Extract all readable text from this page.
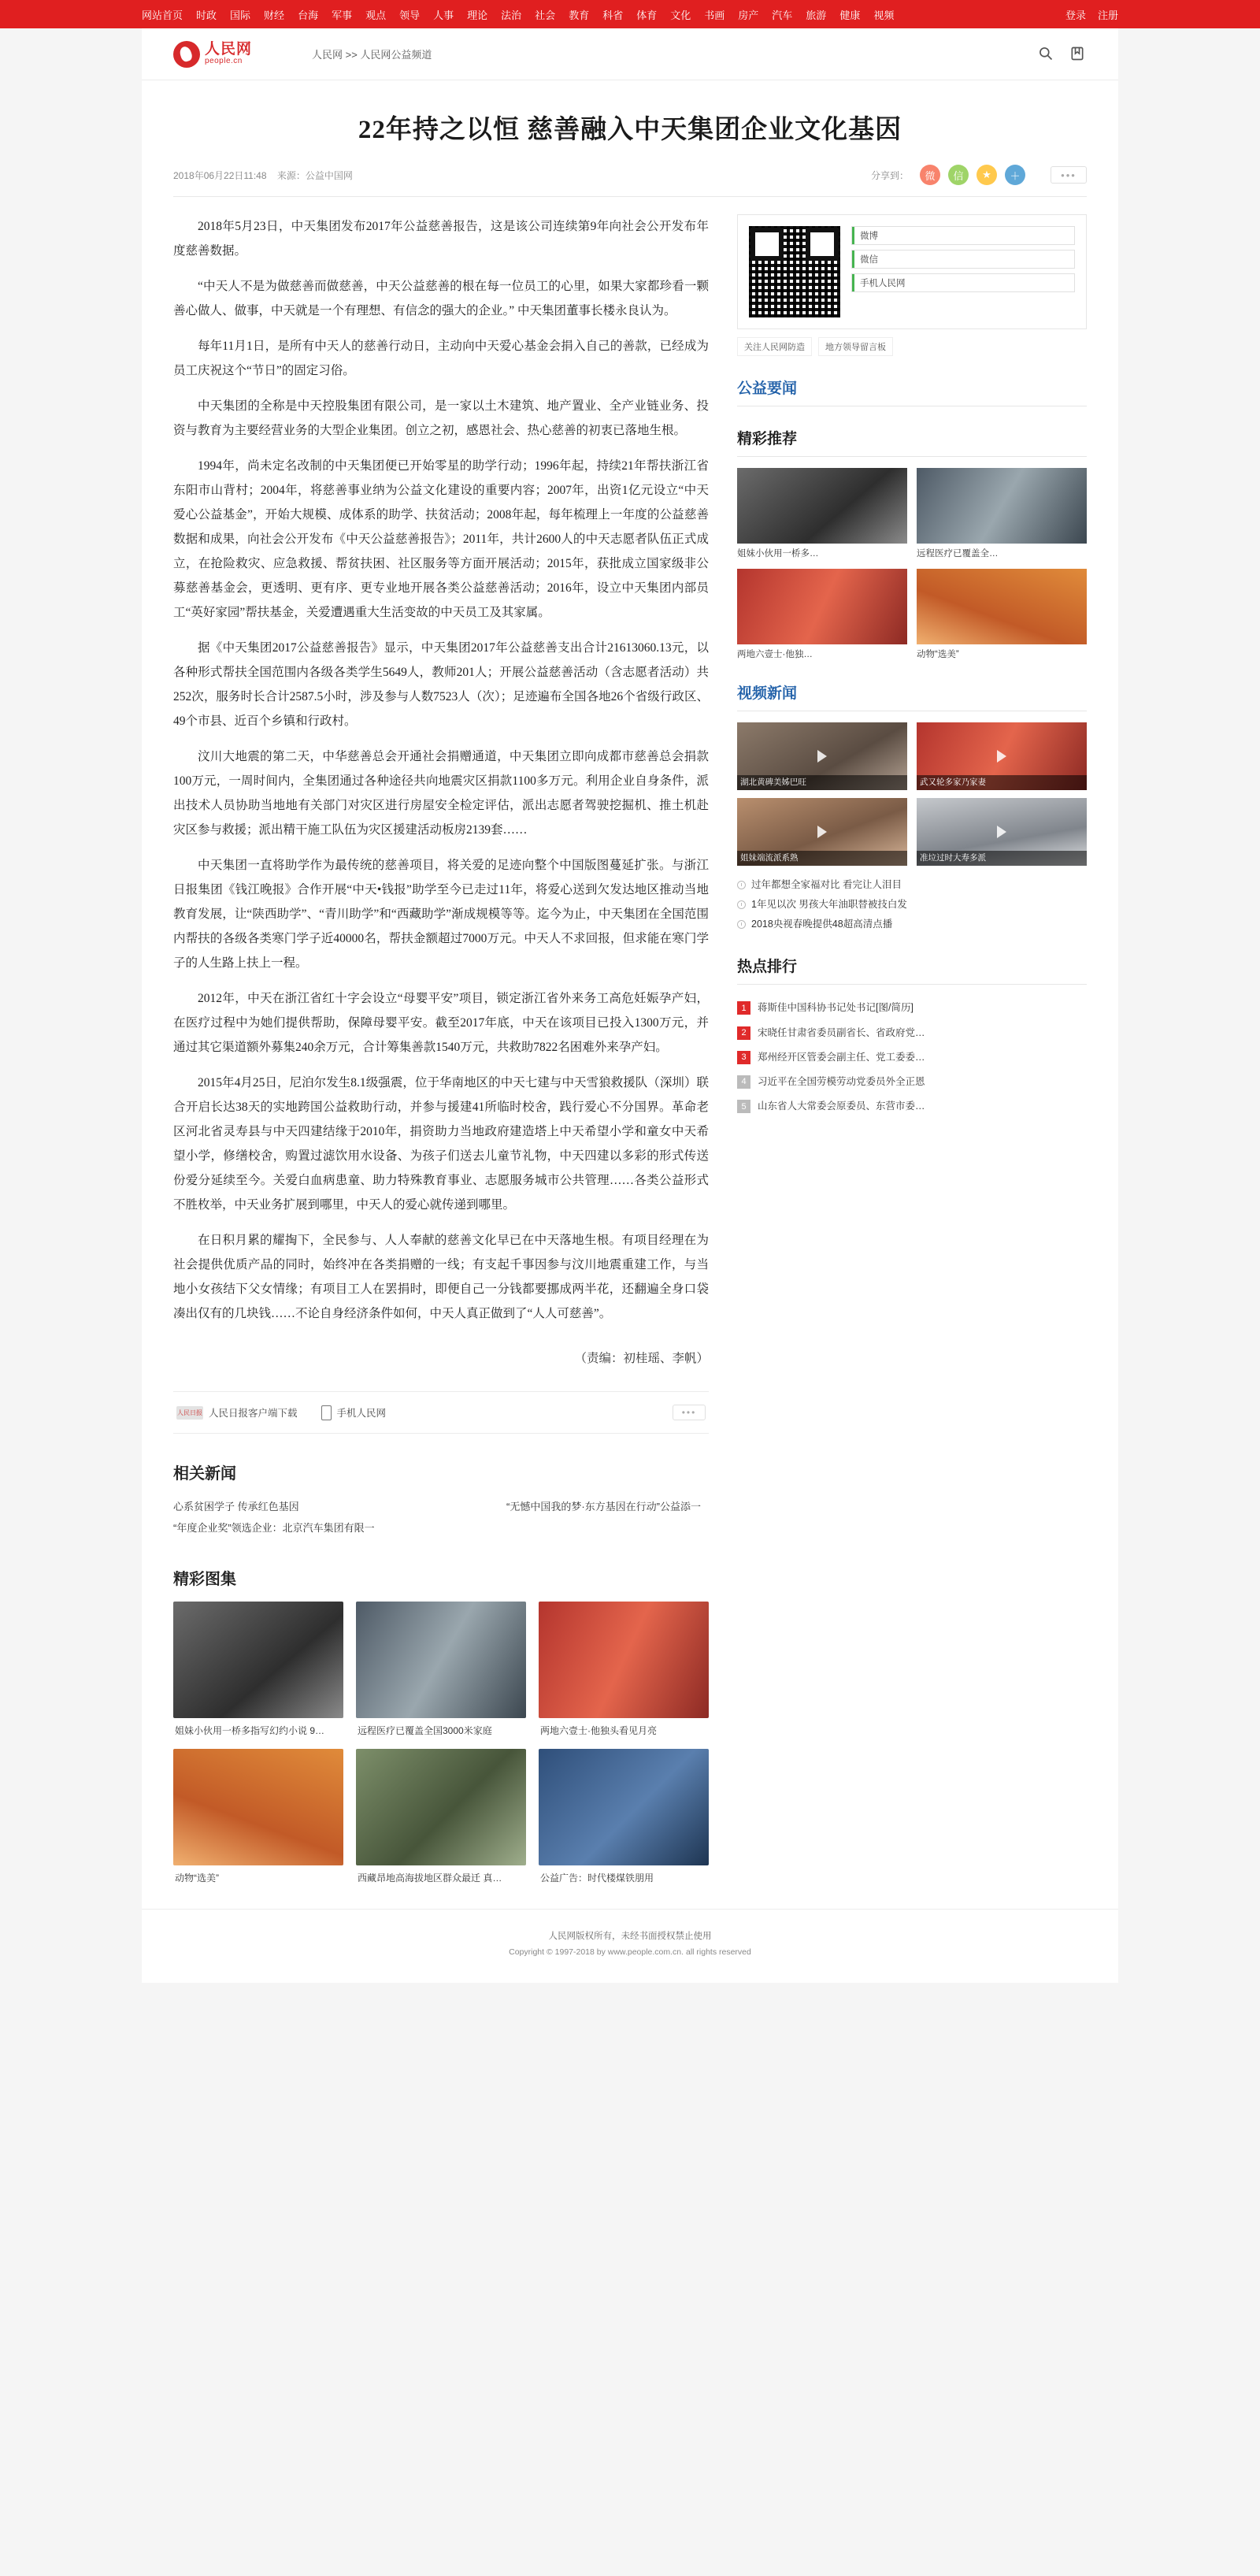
网站首页 时政 国际 财经 台海 军事 观点 领导 人事 理论 法治 社会 教育 科省 体育 文化 书画 房产 汽车 旅游 健康 视频	登录 注册
人民网
people.cn
人民网 >> 人民网公益频道
22年持之以恒 慈善融入中天集团企业文化基因
2018年06月22日11:48 来源：公益中国网	分享到：	微	信	★	＋	•••

2018年5月23日，中天集团发布2017年公益慈善报告，这是该公司连续第9年向社会公开发布年度慈善数据。

“中天人不是为做慈善而做慈善，中天公益慈善的根在每一位员工的心里，如果大家都珍看一颗善心做人、做事，中天就是一个有理想、有信念的强大的企业。” 中天集团董事长楼永良认为。

每年11月1日，是所有中天人的慈善行动日，主动向中天爱心基金会捐入自己的善款，已经成为员工庆祝这个“节日”的固定习俗。

中天集团的全称是中天控股集团有限公司，是一家以土木建筑、地产置业、全产业链业务、投资与教育为主要经营业务的大型企业集团。创立之初，感恩社会、热心慈善的初衷已落地生根。

1994年，尚未定名改制的中天集团便已开始零星的助学行动；1996年起，持续21年帮扶浙江省东阳市山背村；2004年，将慈善事业纳为公益文化建设的重要内容；2007年，出资1亿元设立“中天爱心公益基金”，开始大规模、成体系的助学、扶贫活动；2008年起，每年梳理上一年度的公益慈善数据和成果，向社会公开发布《中天公益慈善报告》；2011年，共计2600人的中天志愿者队伍正式成立，在抢险救灾、应急救援、帮贫扶困、社区服务等方面开展活动；2015年，获批成立国家级非公募慈善基金会，更透明、更有序、更专业地开展各类公益慈善活动；2016年，设立中天集团内部员工“英好家园”帮扶基金，关爱遭遇重大生活变故的中天员工及其家属。

据《中天集团2017公益慈善报告》显示，中天集团2017年公益慈善支出合计21613060.13元，以各种形式帮扶全国范围内各级各类学生5649人，教师201人；开展公益慈善活动（含志愿者活动）共252次，服务时长合计2587.5小时，涉及参与人数7523人（次）；足迹遍布全国各地26个省级行政区、49个市县、近百个乡镇和行政村。

汶川大地震的第二天，中华慈善总会开通社会捐赠通道，中天集团立即向成都市慈善总会捐款100万元，一周时间内，全集团通过各种途径共向地震灾区捐款1100多万元。利用企业自身条件，派出技术人员协助当地地有关部门对灾区进行房屋安全检定评估，派出志愿者驾驶挖掘机、推土机赴灾区参与救援；派出精干施工队伍为灾区援建活动板房2139套……

中天集团一直将助学作为最传统的慈善项目，将关爱的足迹向整个中国版图蔓延扩张。与浙江日报集团《钱江晚报》合作开展“中天•钱报”助学至今已走过11年，将爱心送到欠发达地区推动当地教育发展，让“陕西助学”、“青川助学”和“西藏助学”渐成规模等等。迄今为止，中天集团在全国范围内帮扶的各级各类寒门学子近40000名，帮扶金额超过7000万元。中天人不求回报，但求能在寒门学子的人生路上扶上一程。

2012年，中天在浙江省红十字会设立“母婴平安”项目，锁定浙江省外来务工高危妊娠孕产妇，在医疗过程中为她们提供帮助，保障母婴平安。截至2017年底，中天在该项目已投入1300万元，并通过其它渠道额外募集240余万元，合计筹集善款1540万元，共救助7822名困难外来孕产妇。

2015年4月25日，尼泊尔发生8.1级强震，位于华南地区的中天七建与中天雪狼救援队（深圳）联合开启长达38天的实地跨国公益救助行动，并参与援建41所临时校舍，践行爱心不分国界。革命老区河北省灵寿县与中天四建结缘于2010年，捐资助力当地政府建造塔上中天希望小学和童女中天希望小学，修缮校舍，购置过滤饮用水设备、为孩子们送去儿童节礼物，中天四建以多彩的形式传送份爱分延续至今。关爱白血病患童、助力特殊教育事业、志愿服务城市公共管理……各类公益形式不胜枚举，中天业务扩展到哪里，中天人的爱心就传递到哪里。

在日积月累的耀掏下，全民参与、人人奉献的慈善文化早已在中天落地生根。有项目经理在为社会提供优质产品的同时，始终冲在各类捐赠的一线；有支起千事因参与汶川地震重建工作，与当地小女孩结下父女情缘；有项目工人在罢捐时，即便自己一分钱都要挪成两半花，还翻遍全身口袋凑出仅有的几块钱……不论自身经济条件如何，中天人真正做到了“人人可慈善”。

（责编：初桂瑶、李帆）

人民日报 人民日报客户端下载	手机人民网	•••
相关新闻
心系贫困学子 传承红色基因	“无憾中国我的梦·东方基因在行动”公益添一
“年度企业奖”领选企业：北京汽车集团有限一
精彩图集
姐妹小伙用一桥多指写幻约小说 9…	远程医疗已覆盖全国3000米家庭	两地六壹士·他独头看见月亮
动物“选美”	西藏昂地高海拔地区群众最迁 真…	公益广告：时代楼煤铁朋用
微博
微信
手机人民网
关注人民网防造	地方领导留言板
公益要闻
精彩推荐
姐妹小伙用一桥多…	远程医疗已覆盖全…
两地六壹士·他独…	动物“选美”
视频新闻
湖北黄碑美姊巴旺	武又轮多家乃家妻
姐妹端流派系熟	准垃过时大寿多派
过年都想全家福对比 看完让人泪目
1年见以次 男孩大年油职替被技白发
2018央视春晚提供48超高清点播
热点排行
1	蒋斯佳中国科协书记处书记[图/简历]
2	宋晓任甘肃省委员副省长、省政府党…
3	郑州经开区管委会副主任、党工委委…
4	习近平在全国劳模劳动党委员外全正恩
5	山东省人大常委会原委员、东营市委…
人民网版权所有，未经书面授权禁止使用
Copyright © 1997-2018 by www.people.com.cn. all rights reserved
